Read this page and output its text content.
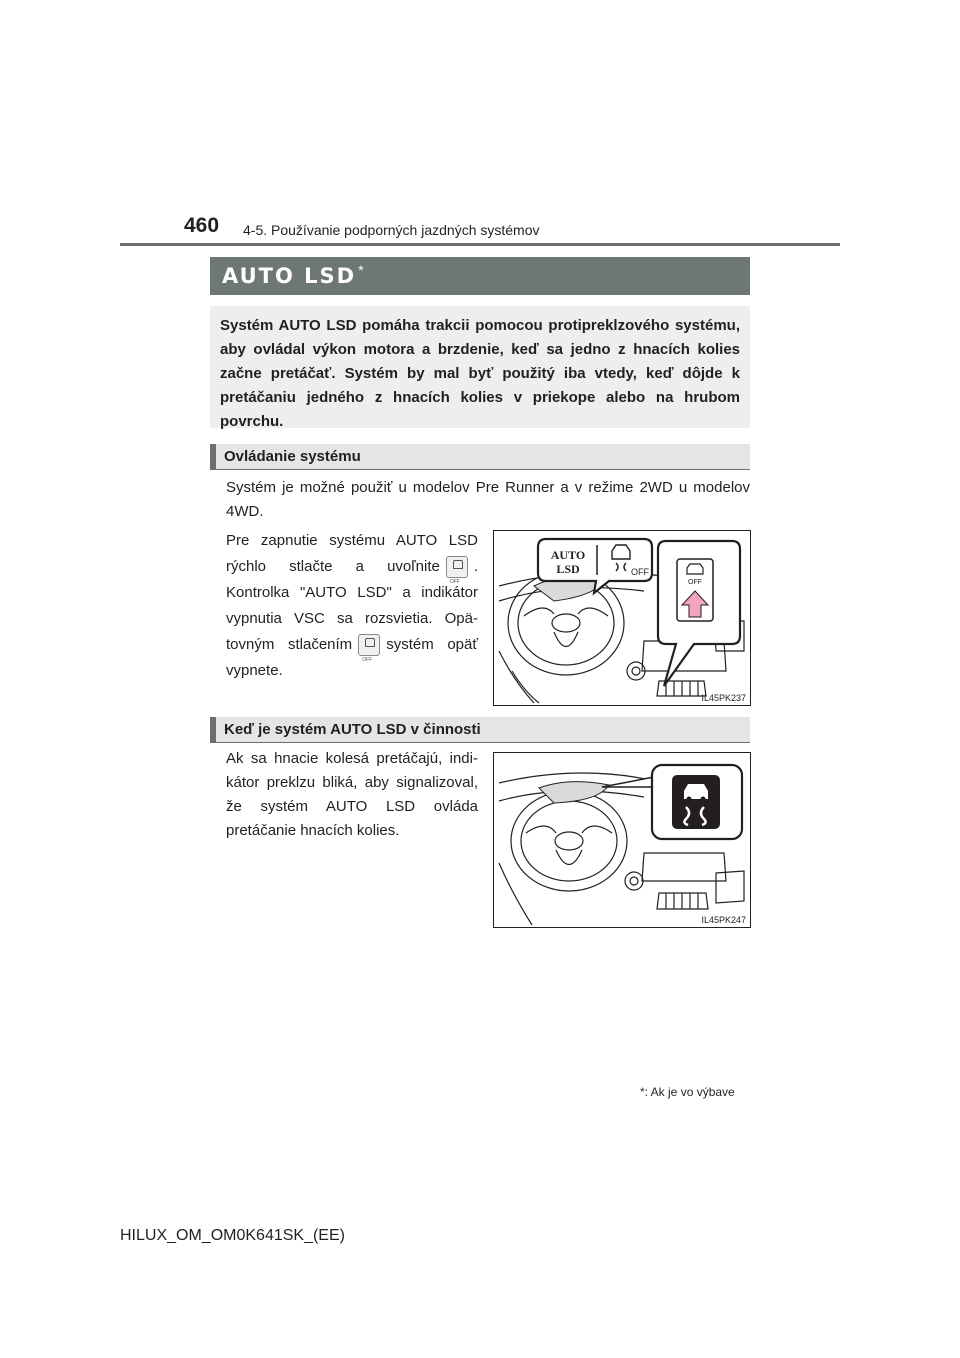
460 4-5. Používanie podporných jazdných systémov
AUTO LSD *
Systém AUTO LSD pomáha trakcii pomocou protipreklzového systému, aby ovládal výkon motora a brzdenie, keď sa jedno z hnacích kolies začne pretáčať. Systém by mal byť použitý iba vtedy, keď dôjde k pretáčaniu jedného z hnacích kolies v priekope alebo na hrubom povrchu.
Ovládanie systému
Systém je možné použiť u modelov Pre Runner a v režime 2WD u modelov 4WD.
Pre zapnutie systému AUTO LSD rýchlo stlačte a uvoľnite
OFF
. Kontrolka "AUTO LSD" a indikátor vypnutia VSC sa rozsvietia. Opätovným stlačením
OFF
systém opäť vypnete.
AUTO
LSD	OFF
OFF
IL45PK237
Keď je systém AUTO LSD v činnosti
Ak sa hnacie kolesá pretáčajú, indikátor preklzu bliká, aby signalizoval, že systém AUTO LSD ovláda pretáčanie hnacích kolies.
IL45PK247
*: Ak je vo výbave
HILUX_OM_OM0K641SK_(EE)
